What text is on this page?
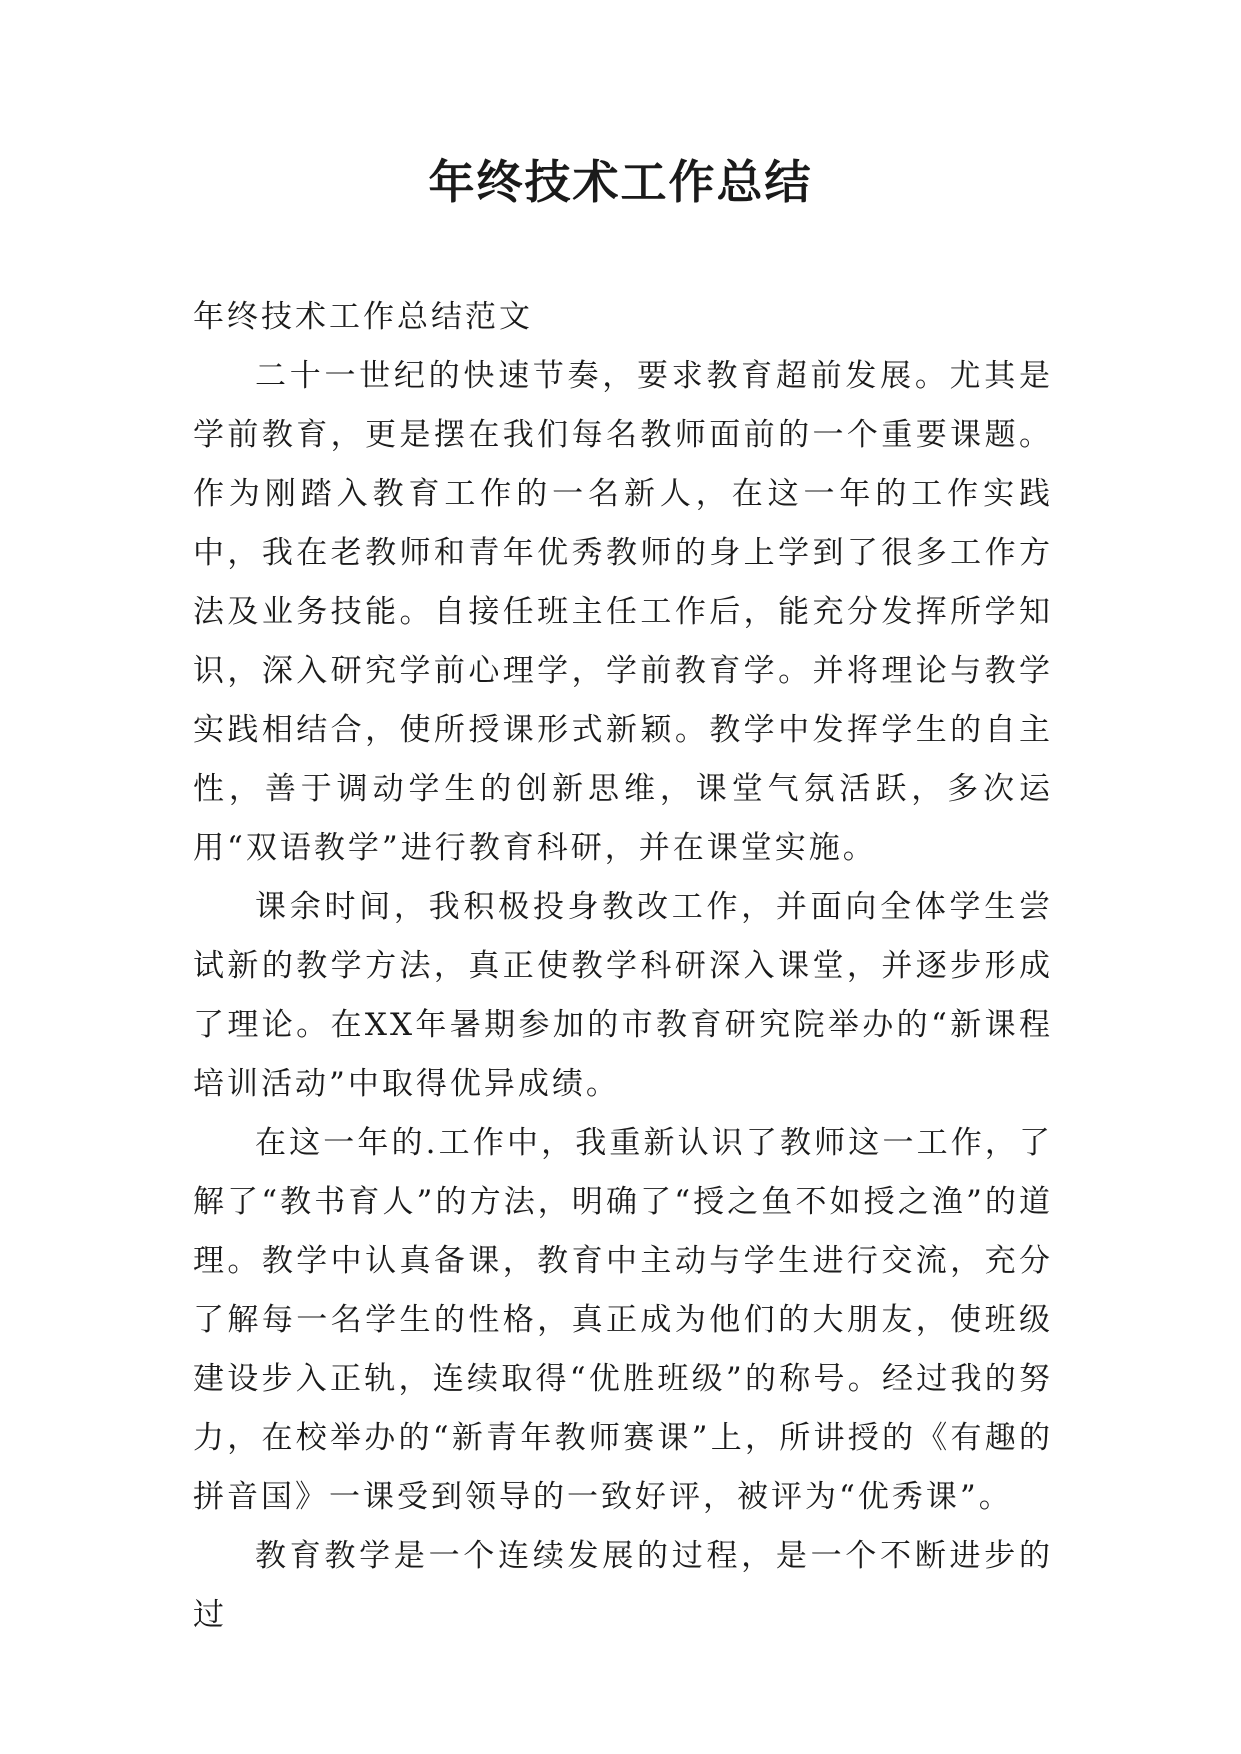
年终技术工作总结

年终技术工作总结范文

二十一世纪的快速节奏，要求教育超前发展。尤其是学前教育，更是摆在我们每名教师面前的一个重要课题。作为刚踏入教育工作的一名新人，在这一年的工作实践中，我在老教师和青年优秀教师的身上学到了很多工作方法及业务技能。自接任班主任工作后，能充分发挥所学知识，深入研究学前心理学，学前教育学。并将理论与教学实践相结合，使所授课形式新颖。教学中发挥学生的自主性，善于调动学生的创新思维，课堂气氛活跃，多次运用“双语教学”进行教育科研，并在课堂实施。

课余时间，我积极投身教改工作，并面向全体学生尝试新的教学方法，真正使教学科研深入课堂，并逐步形成了理论。在XX年暑期参加的市教育研究院举办的“新课程培训活动”中取得优异成绩。

在这一年的.工作中，我重新认识了教师这一工作，了解了“教书育人”的方法，明确了“授之鱼不如授之渔”的道理。教学中认真备课，教育中主动与学生进行交流，充分了解每一名学生的性格，真正成为他们的大朋友，使班级建设步入正轨，连续取得“优胜班级”的称号。经过我的努力，在校举办的“新青年教师赛课”上，所讲授的《有趣的拼音国》一课受到领导的一致好评，被评为“优秀课”。

教育教学是一个连续发展的过程，是一个不断进步的过
